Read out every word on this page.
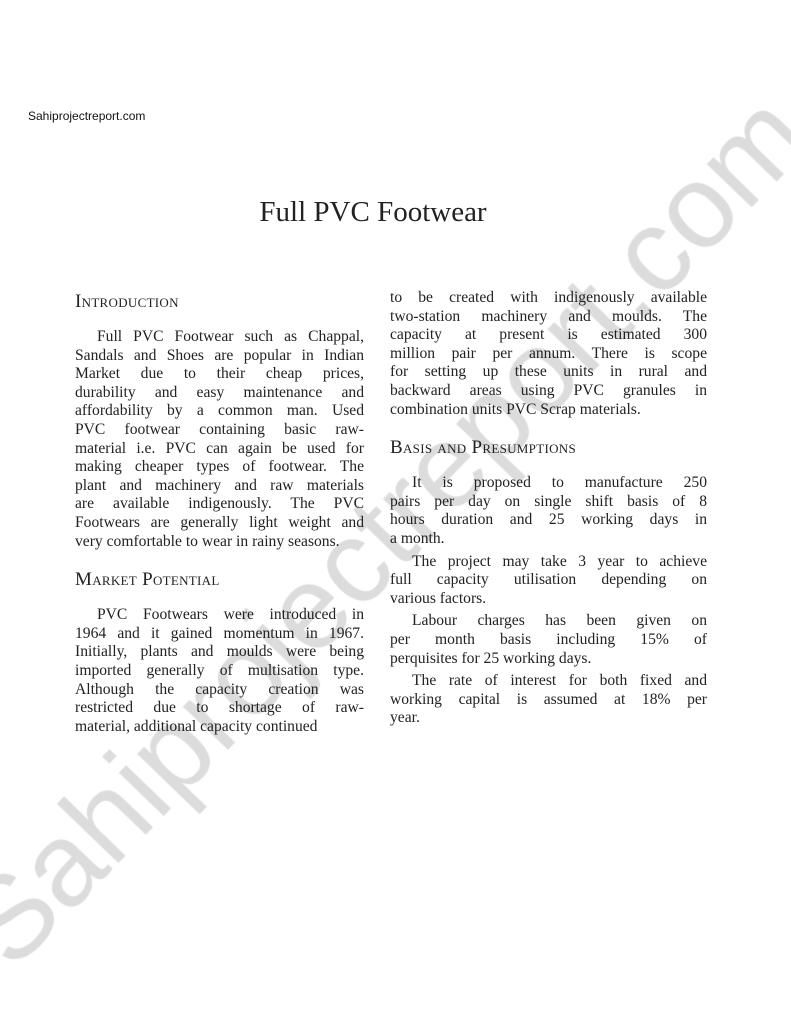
Sahiprojectreport.com
Full PVC Footwear
Introduction
Full PVC Footwear such as Chappal,
Sandals and Shoes are popular in Indian
Market due to their cheap prices,
durability and easy maintenance and
affordability by a common man. Used
PVC footwear containing basic raw-
material i.e. PVC can again be used for
making cheaper types of footwear. The
plant and machinery and raw materials
are available indigenously. The PVC
Footwears are generally light weight and
very comfortable to wear in rainy seasons.
Market Potential
PVC Footwears were introduced in
1964 and it gained momentum in 1967.
Initially, plants and moulds were being
imported generally of multisation type.
Although the capacity creation was
restricted due to shortage of raw-
material, additional capacity continued
to be created with indigenously available
two-station machinery and moulds. The
capacity at present is estimated 300
million pair per annum. There is scope
for setting up these units in rural and
backward areas using PVC granules in
combination units PVC Scrap materials.
Basis and Presumptions
It is proposed to manufacture 250
pairs per day on single shift basis of 8
hours duration and 25 working days in
a month.
The project may take 3 year to achieve
full capacity utilisation depending on
various factors.
Labour charges has been given on
per month basis including 15% of
perquisites for 25 working days.
The rate of interest for both fixed and
working capital is assumed at 18% per
year.
